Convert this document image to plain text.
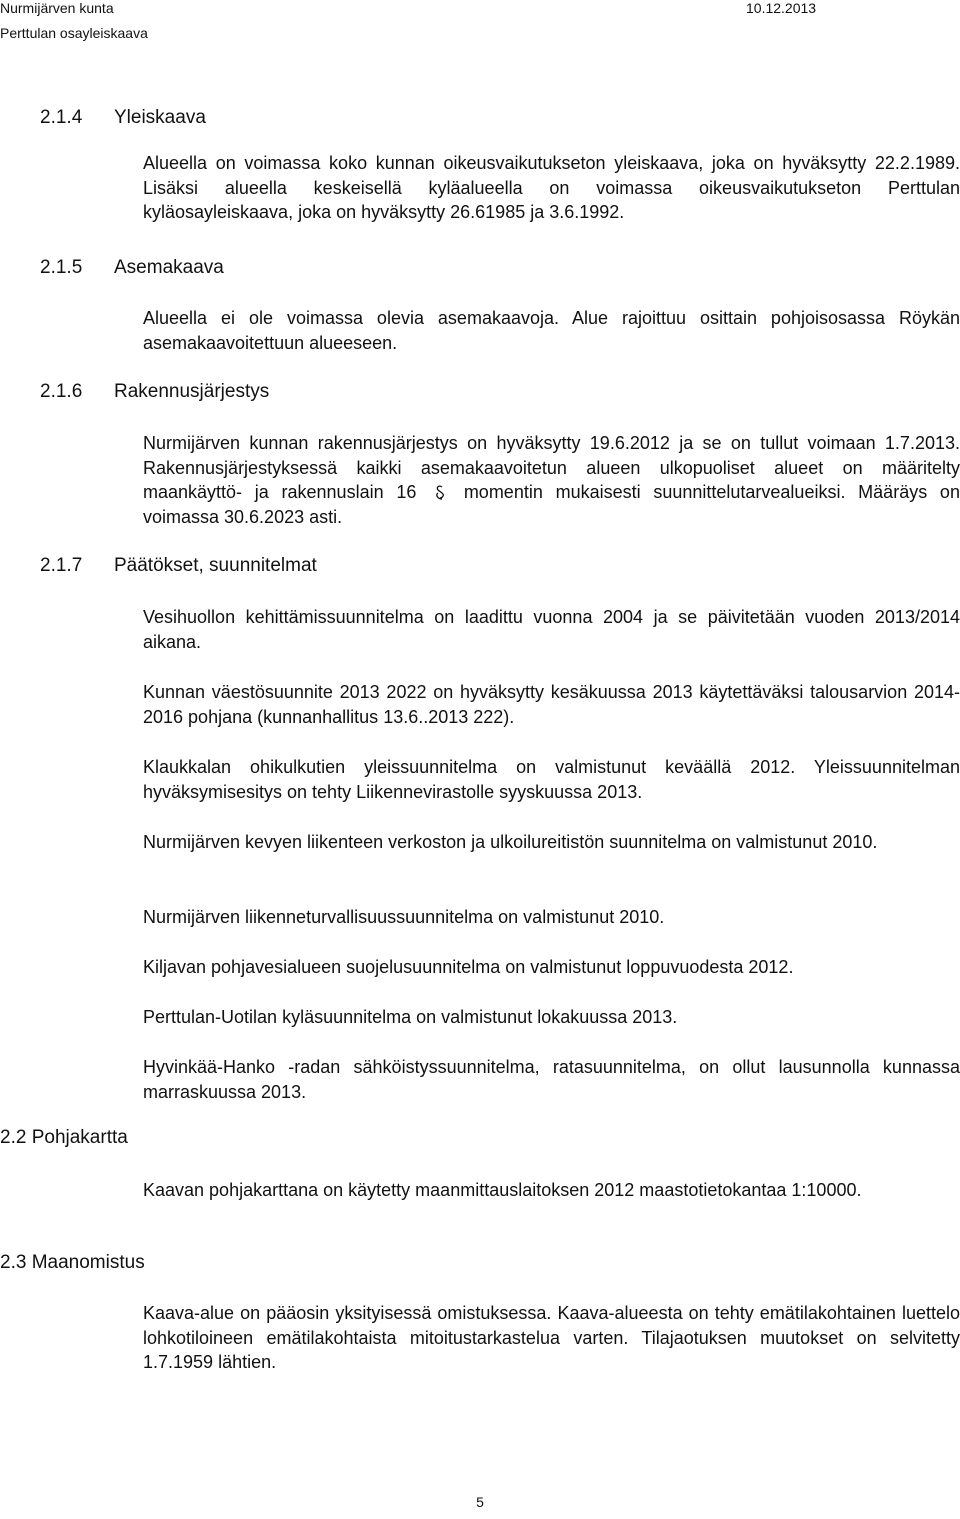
Nurmijärven kunta
Perttulan osayleiskaava
10.12.2013
2.1.4 Yleiskaava
Alueella on voimassa koko kunnan oikeusvaikutukseton yleiskaava, joka on hyväksytty 22.2.1989. Lisäksi alueella keskeisellä kyläalueella on voimassa oikeusvaikutukseton Perttulan kyläosayleiskaava, joka on hyväksytty 26.61985 ja 3.6.1992.
2.1.5 Asemakaava
Alueella ei ole voimassa olevia asemakaavoja. Alue rajoittuu osittain pohjoisosassa Röykän asemakaavoitettuun alueeseen.
2.1.6 Rakennusjärjestys
Nurmijärven kunnan rakennusjärjestys on hyväksytty 19.6.2012 ja se on tullut voimaan 1.7.2013. Rakennusjärjestyksessä kaikki asemakaavoitetun alueen ulkopuoliset alueet on määritelty maankäyttö- ja rakennuslain 16	momentin mukaisesti suunnittelutarvealueiksi. Määräys on voimassa 30.6.2023 asti.
2.1.7 Päätökset, suunnitelmat
Vesihuollon kehittämissuunnitelma on laadittu vuonna 2004 ja se päivitetään vuoden 2013/2014 aikana.
Kunnan väestösuunnite 2013 2022 on hyväksytty kesäkuussa 2013 käytettäväksi talousarvion 2014-2016 pohjana (kunnanhallitus 13.6..2013 222).
Klaukkalan ohikulkutien yleissuunnitelma on valmistunut keväällä 2012. Yleissuunnitelman hyväksymisesitys on tehty Liikennevirastolle syyskuussa 2013.
Nurmijärven kevyen liikenteen verkoston ja ulkoilureitistön suunnitelma on valmistunut 2010.
Nurmijärven liikenneturvallisuussuunnitelma on valmistunut 2010.
Kiljavan pohjavesialueen suojelusuunnitelma on valmistunut loppuvuodesta 2012.
Perttulan-Uotilan kyläsuunnitelma on valmistunut lokakuussa 2013.
Hyvinkää-Hanko -radan sähköistyssuunnitelma, ratasuunnitelma, on ollut lausunnolla kunnassa marraskuussa 2013.
2.2 Pohjakartta
Kaavan pohjakarttana on käytetty maanmittauslaitoksen 2012 maastotietokantaa 1:10000.
2.3 Maanomistus
Kaava-alue on pääosin yksityisessä omistuksessa. Kaava-alueesta on tehty emätilakohtainen luettelo lohkotiloineen emätilakohtaista mitoitustarkastelua varten. Tilajaotuksen muutokset on selvitetty 1.7.1959 lähtien.
5
